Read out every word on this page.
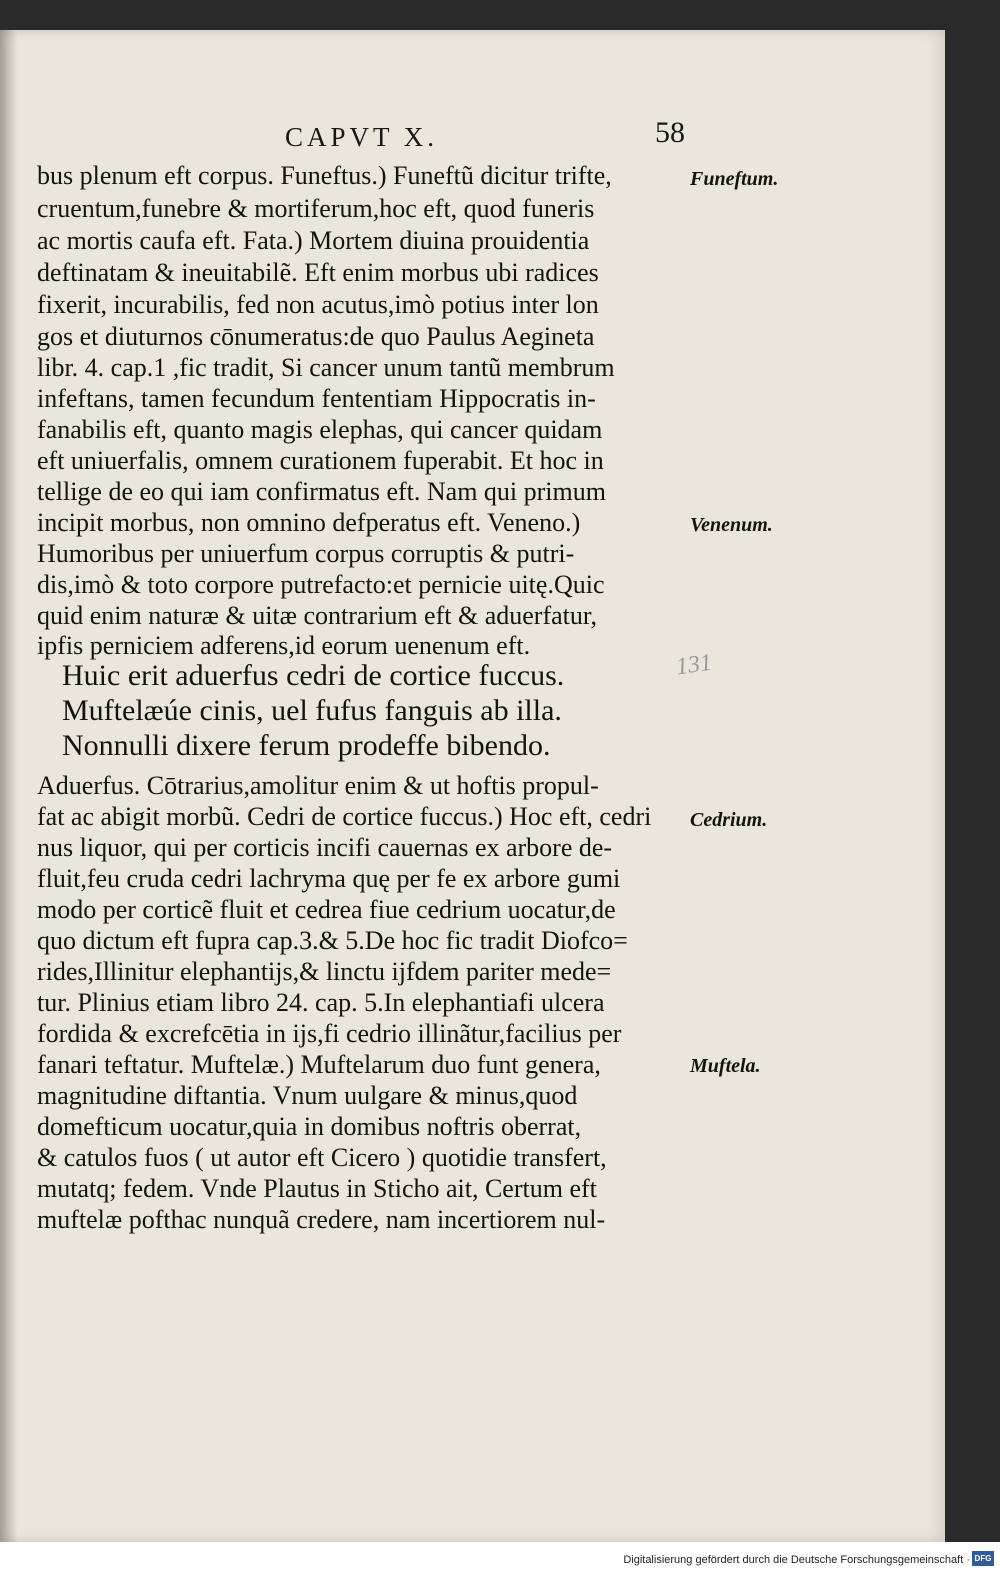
CAPVT X.	58
bus plenum eft corpus. Funeftus.) Funeftũ dicitur trifte,
cruentum,funebre & mortiferum,hoc eft, quod funeris
ac mortis caufa eft. Fata.) Mortem diuina prouidentia
deftinatam & ineuitabilẽ. Eft enim morbus ubi radices
fixerit, incurabilis, fed non acutus,imò potius inter lon
gos et diuturnos cōnumeratus:de quo Paulus Aegineta
libr. 4. cap.1 ,fic tradit, Si cancer unum tantũ membrum
infeftans, tamen fecundum fententiam Hippocratis in-
fanabilis eft, quanto magis elephas, qui cancer quidam
eft uniuerfalis, omnem curationem fuperabit. Et hoc in
tellige de eo qui iam confirmatus eft. Nam qui primum
incipit morbus, non omnino defperatus eft. Veneno.)
Humoribus per uniuerfum corpus corruptis & putri-
dis,imò & toto corpore putrefacto:et pernicie uitę.Quic
quid enim naturæ & uitæ contrarium eft & aduerfatur,
ipfis perniciem adferens,id eorum uenenum eft.
Huic erit aduerfus cedri de cortice fuccus.
Muftelæúe cinis, uel fufus fanguis ab illa.
Nonnulli dixere ferum prodeffe bibendo.
131
Aduerfus. Cōtrarius,amolitur enim & ut hoftis propul-
fat ac abigit morbũ. Cedri de cortice fuccus.) Hoc eft, cedri
nus liquor, qui per corticis incifi cauernas ex arbore de-
fluit,feu cruda cedri lachryma quę per fe ex arbore gumi
modo per corticẽ fluit et cedrea fiue cedrium uocatur,de
quo dictum eft fupra cap.3.& 5.De hoc fic tradit Diofco=
rides,Illinitur elephantijs,& linctu ijfdem pariter mede=
tur. Plinius etiam libro 24. cap. 5.In elephantiafi ulcera
fordida & excrefcētia in ijs,fi cedrio illinãtur,facilius per
fanari teftatur. Muftelæ.) Muftelarum duo funt genera,
magnitudine diftantia. Vnum uulgare & minus,quod
domefticum uocatur,quia in domibus noftris oberrat,
& catulos fuos ( ut autor eft Cicero ) quotidie transfert,
mutatq; fedem. Vnde Plautus in Sticho ait, Certum eft
muftelæ pofthac nunquã credere, nam incertiorem nul-
Funeftum.
Venenum.
Cedrium.
Muftela.
Digitalisierung gefördert durch die Deutsche Forschungsgemeinschaft · DFG
